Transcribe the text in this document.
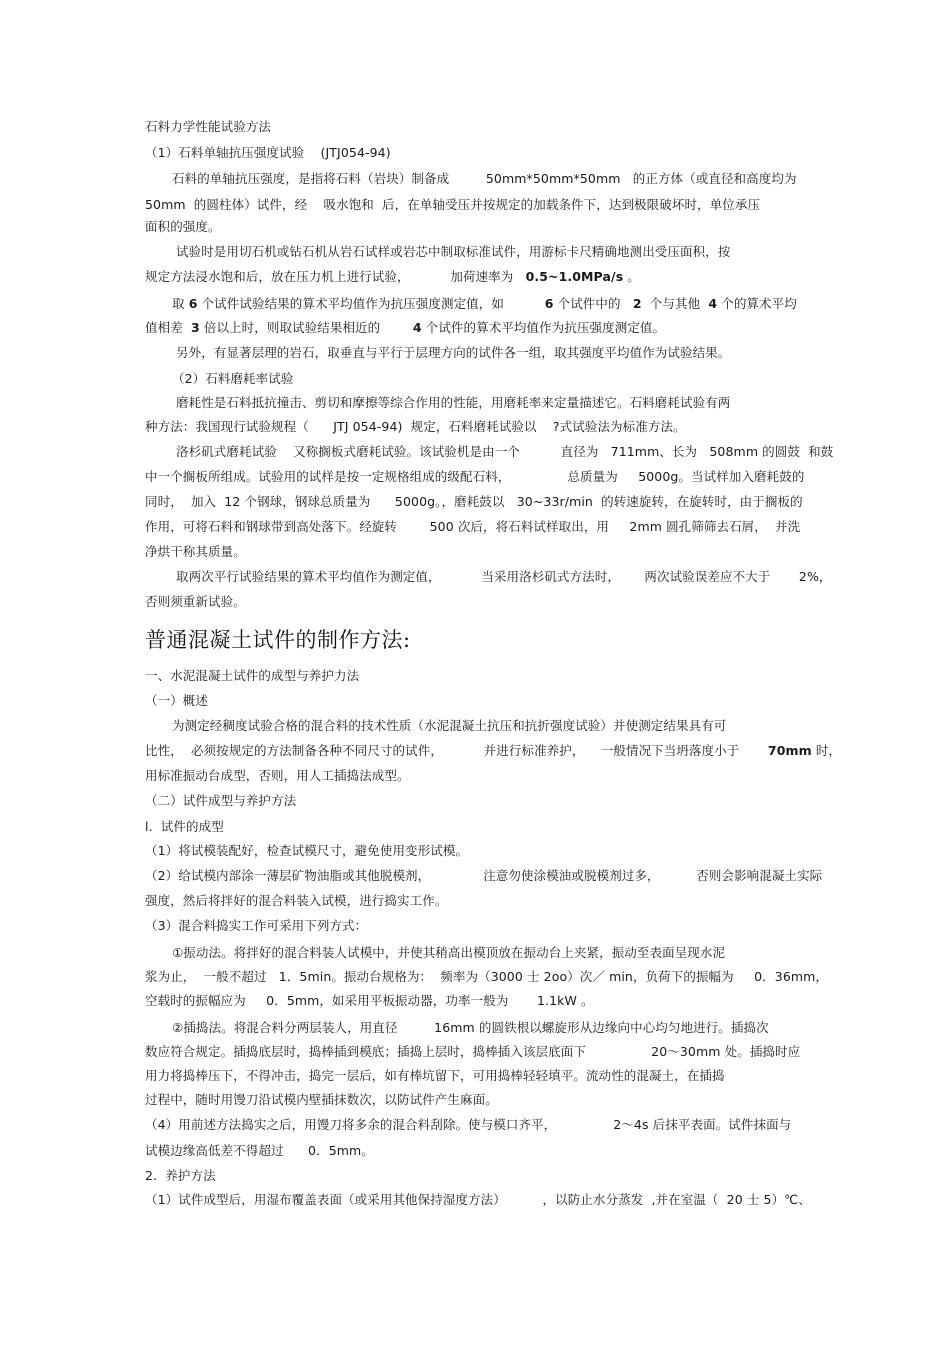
石料力学性能试验方法
（1）石料单轴抗压强度试验    (JTJ054-94)
石料的单轴抗压强度，是指将石料（岩块）制备成         50mm*50mm*50mm   的正方体（或直径和高度均为
50mm  的圆柱体）试件，经    吸水饱和  后，在单轴受压并按规定的加载条件下，达到极限破坏时，单位承压
面积的强度。
试验时是用切石机或钻石机从岩石试样或岩芯中制取标准试件，用游标卡尺精确地测出受压面积，按
规定方法浸水饱和后，放在压力机上进行试验，          加荷速率为   0.5~1.0MPa/s 。
取 6 个试件试验结果的算术平均值作为抗压强度测定值，如          6 个试件中的   2  个与其他  4 个的算术平均
值相差  3 倍以上时，则取试验结果相近的        4 个试件的算术平均值作为抗压强度测定值。
另外，有显著层理的岩石，取垂直与平行于层理方向的试件各一组，取其强度平均值作为试验结果。
（2）石料磨耗率试验
磨耗性是石料抵抗撞击、剪切和摩擦等综合作用的性能，用磨耗率来定量描述它。石料磨耗试验有两
种方法：我国现行试验规程（      JTJ 054-94)  规定，石料磨耗试验以    ?式试验法为标准方法。
洛杉矶式磨耗试验    又称搁板式磨耗试验。该试验机是由一个          直径为   711mm、长为   508mm 的圆鼓  和鼓
中一个搁板所组成。试验用的试样是按一定规格组成的级配石料，              总质量为     5000g。当试样加入磨耗鼓的
同时，  加入  12 个钢球，钢球总质量为      5000g。，磨耗鼓以   30~33r/min  的转速旋转，在旋转时，由于搁板的
作用，可将石料和钢球带到高处落下。经旋转        500 次后，将石料试样取出，用     2mm 圆孔筛筛去石屑，  并洗
净烘干称其质量。
取两次平行试验结果的算术平均值作为测定值，          当采用洛杉矶式方法时，      两次试验误差应不大于       2%，
否则须重新试验。
普通混凝土试件的制作方法:
一、水泥混凝土试件的成型与养护力法
（一）概述
为测定经稠度试验合格的混合料的技术性质（水泥混凝土抗压和抗折强度试验）并使测定结果具有可
比性，  必须按规定的方法制备各种不同尺寸的试件，          并进行标准养护，    一般情况下当坍落度小于       70mm 时，
用标准振动台成型，否则，用人工插捣法成型。
（二）试件成型与养护方法
l.  试件的成型
（1）将试模装配好，检查试模尺寸，避免使用变形试模。
（2）给试模内部涂一薄层矿物油脂或其他脱模剂，             注意勿使涂模油或脱模剂过多，         否则会影响混凝土实际
强度，然后将拌好的混合料装入试模，进行捣实工作。
（3）混合料捣实工作可采用下列方式：
①振动法。将拌好的混合料装人试模中，并使其稍高出模顶放在振动台上夹紧，振动至表面呈现水泥
浆为止，  一般不超过   1．5min。振动台规格为：  频率为（3000 士 2oo）次／ min，负荷下的振幅为     0．36mm，
空载时的振幅应为     0．5mm，如采用平板振动器，功率一般为       1.1kW 。
②插捣法。将混合料分两层装人，用直径         16mm 的圆铁根以螺旋形从边缘向中心均匀地进行。插捣次
数应符合规定。插捣底层时，捣棒插到模底；插捣上层时，捣棒插入该层底面下                20～30mm 处。插捣时应
用力将捣棒压下，不得冲击，捣完一层后，如有棒坑留下，可用捣棒轻轻填平。流动性的混凝土，在插捣
过程中，随时用馒刀沿试模内壁插抹数次，以防试件产生麻面。
（4）用前述方法捣实之后，用馒刀将多余的混合料刮除。使与模口齐平，              2～4s 后抹平表面。试件抹面与
试模边缘高低差不得超过      0．5mm。
2.  养护方法
（1）试件成型后，用湿布覆盖表面（或采用其他保持湿度方法）         ，以防止水分蒸发  ,并在室温（  20 士 5）℃、
